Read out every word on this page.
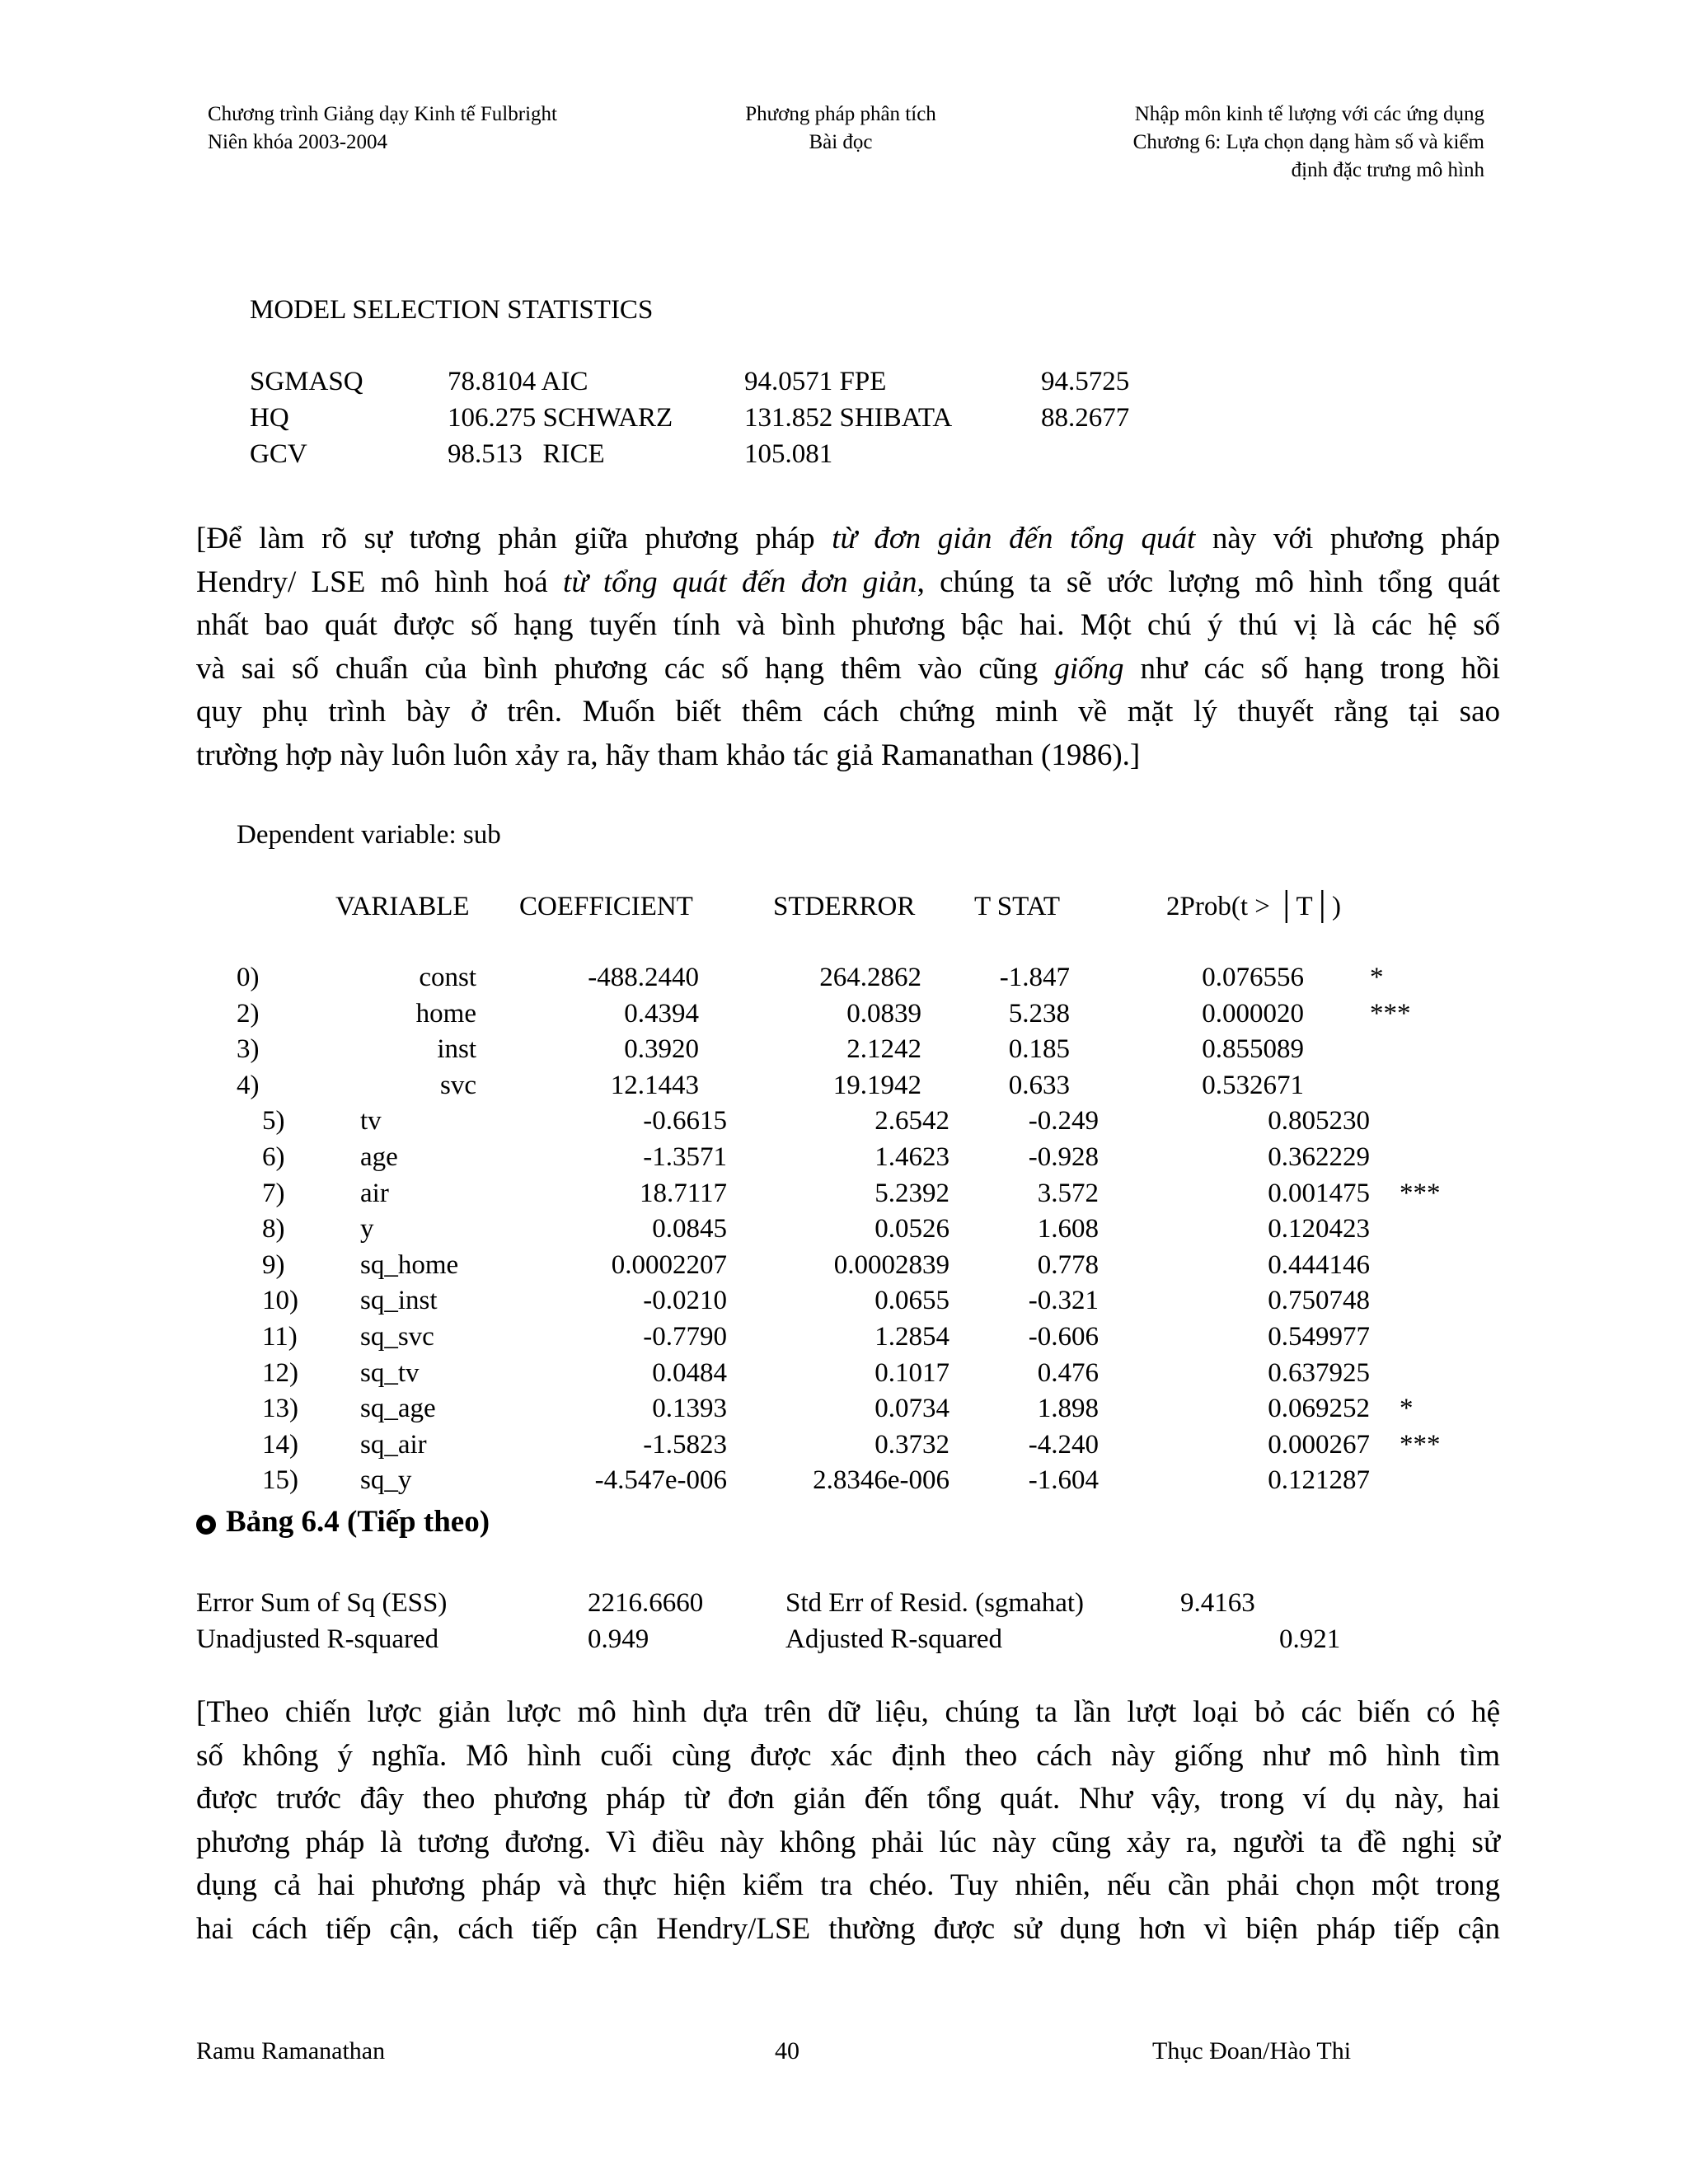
Chương trình Giảng dạy Kinh tế Fulbright
Niên khóa 2003-2004
Phương pháp phân tích
Bài đọc
Nhập môn kinh tế lượng với các ứng dụng
Chương 6: Lựa chọn dạng hàm số và kiểm
định đặc trưng mô hình
MODEL SELECTION STATISTICS
SGMASQ	78.8104 AIC	94.0571 FPE	94.5725
HQ	106.275 SCHWARZ	131.852 SHIBATA	88.2677
GCV	98.513   RICE	105.081
[Để làm rõ sự tương phản giữa phương pháp từ đơn giản đến tổng quát này với phương pháp
Hendry/ LSE mô hình hoá từ tổng quát đến đơn giản, chúng ta sẽ ước lượng mô hình tổng quát
nhất bao quát được số hạng tuyến tính và bình phương bậc hai. Một chú ý thú vị là các hệ số
và sai số chuẩn của bình phương các số hạng thêm vào cũng giống như các số hạng trong hồi
quy phụ trình bày ở trên. Muốn biết thêm cách chứng minh về mặt lý thuyết rằng tại sao
trường hợp này luôn luôn xảy ra, hãy tham khảo tác giả Ramanathan (1986).]
Dependent variable: sub
VARIABLE COEFFICIENT	STDERROR T STAT	2Prob(t > │T│)
0)	const	-488.2440	264.2862	-1.847	0.076556 *
2)	home	0.4394	0.0839	5.238	0.000020 ***
3)	inst	0.3920	2.1242	0.185	0.855089
4)	svc	12.1443	19.1942	0.633	0.532671
5)	tv	-0.6615	2.6542	-0.249	0.805230
6)	age	-1.3571	1.4623	-0.928	0.362229
7)	air	18.7117	5.2392	3.572	0.001475 ***
8)	y	0.0845	0.0526	1.608	0.120423
9)	sq_home	0.0002207	0.0002839	0.778	0.444146
10) sq_inst	-0.0210	0.0655	-0.321	0.750748
11) sq_svc	-0.7790	1.2854	-0.606	0.549977
12) sq_tv	0.0484	0.1017	0.476	0.637925
13) sq_age	0.1393	0.0734	1.898	0.069252 *
14) sq_air	-1.5823	0.3732	-4.240	0.000267 ***
15) sq_y	-4.547e-006	2.8346e-006	-1.604	0.121287
Bảng 6.4 (Tiếp theo)
Error Sum of Sq (ESS)	2216.6660	Std Err of Resid. (sgmahat)	9.4163
Unadjusted R-squared	0.949	Adjusted R-squared	0.921
[Theo chiến lược giản lược mô hình dựa trên dữ liệu, chúng ta lần lượt loại bỏ các biến có hệ
số không ý nghĩa. Mô hình cuối cùng được xác định theo cách này giống như mô hình tìm
được trước đây theo phương pháp từ đơn giản đến tổng quát. Như vậy, trong ví dụ này, hai
phương pháp là tương đương. Vì điều này không phải lúc này cũng xảy ra, người ta đề nghị sử
dụng cả hai phương pháp và thực hiện kiểm tra chéo. Tuy nhiên, nếu cần phải chọn một trong
hai cách tiếp cận, cách tiếp cận Hendry/LSE thường được sử dụng hơn vì biện pháp tiếp cận
Ramu Ramanathan	40	Thục Đoan/Hào Thi
